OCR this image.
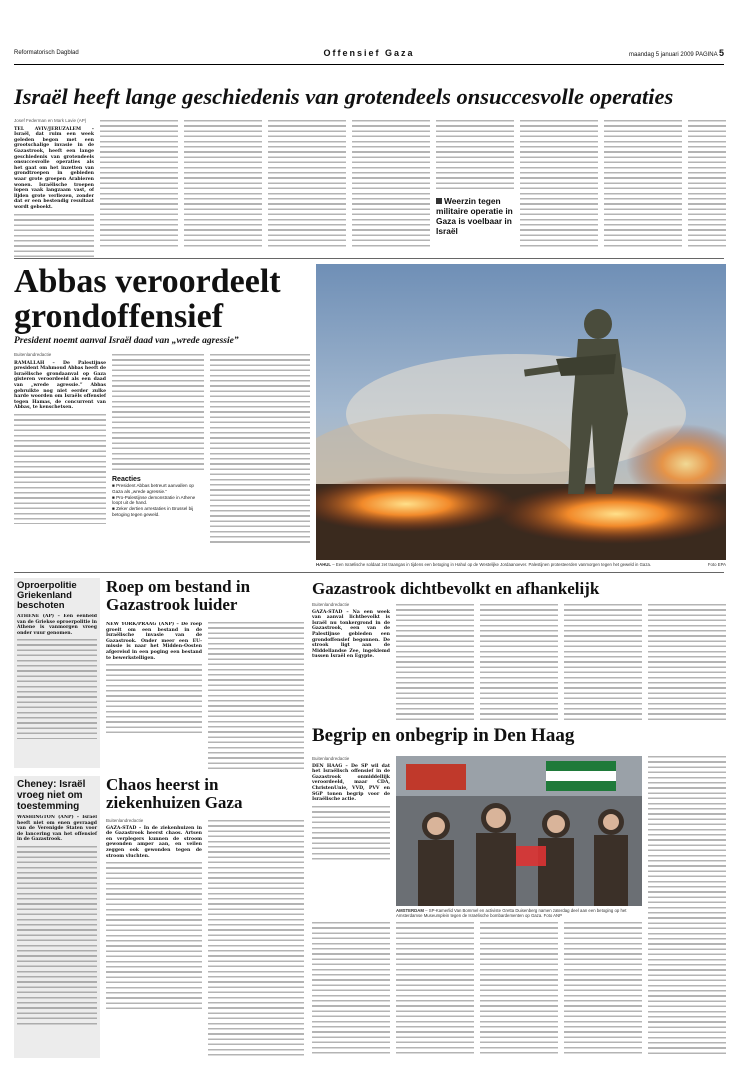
Reformatorisch Dagblad	Offensief Gaza	maandag 5 januari 2009 PAGINA 5
Israël heeft lange geschiedenis van grotendeels onsuccesvolle operaties
Josef Federman en Mark Lavie (AP)
TEL AVIV/JERUZALEM – Israël, dat ruim een week geleden begon met een grootschalige invasie in de Gazastrook, heeft een lange geschiedenis van grotendeels onsuccesvolle operaties als het gaat om het inzetten van grondtroepen in gebieden waar grote groepen Arabieren wonen. Israëlische troepen lopen vaak langzaam vast, of lijden grote verliezen, zonder dat er een bestendig resultaat wordt geboekt.
Weerzin tegen militaire operatie in Gaza is voelbaar in Israël
Abbas veroordeelt grondoffensief
President noemt aanval Israël daad van „wrede agressie”
Buitenlandredactie
RAMALLAH – De Palestijnse president Mahmoud Abbas heeft de Israëlische grondaanval op Gaza gisteren veroordeeld als een daad van „wrede agressie.” Abbas gebruikte nog niet eerder zulke harde woorden om Israëls offensief tegen Hamas, de concurrent van Abbas, te kenschetsen.
Reacties
■ President Abbas betreurt aanvallen op Gaza als „wrede agressie.”
■ Pro-Palestijnse demonstratie in Athene loopt uit de hand.
■ Zeker dertien arrestaties in Brussel bij betoging tegen geweld.
HAHUL – Een Israëlische soldaat zet traangas in tijdens een betoging in Hahul op de Westelijke Jordaanoever. Palestijnen protesteerden vanmorgen tegen het geweld in Gaza.	Foto EPA
Oproerpolitie Griekenland beschoten
ATHENE (AP) – Een eenheid van de Griekse oproerpolitie in Athene is vanmorgen vroeg onder vuur genomen.
Roep om bestand in Gazastrook luider
NEW YORK/PRAAG (ANP) – De roep groeit om een bestand in de Israëlische invasie van de Gazastrook. Onder meer een EU-missie is naar het Midden-Oosten afgereisd in een poging een bestand te bewerkstelligen.
Gazastrook dichtbevolkt en afhankelijk
Buitenlandredactie
GAZA-STAD – Na een week van aanval lichtbevolkt is Israël nu tonkergrond in de Gazastrook, een van de Palestijnse gebieden een grondoffensief begonnen. De strook ligt aan de Middellandse Zee, ingeklemd tussen Israël en Egypte.
Begrip en onbegrip in Den Haag
Buitenlandredactie
DEN HAAG – De SP wil dat het Israëlisch offensief in de Gazastrook onmiddellijk veroordeeld, maar CDA, ChristenUnie, VVD, PVV en SGP tonen begrip voor de Israëlische actie.
AMSTERDAM – SP-Kamerlid Van Bommel en activiste Gretta Duisenberg namen zaterdag deel aan een betoging op het Amsterdamse Museumplein tegen de Israëlische bombardementen op Gaza. Foto ANP
Cheney: Israël vroeg niet om toestemming
WASHINGTON (ANP) – Israël heeft niet om enen gevraagd van de Verenigde Staten voor de lancering van het offensief in de Gazastrook.
Chaos heerst in ziekenhuizen Gaza
Buitenlandredactie
GAZA-STAD – In de ziekenhuizen in de Gazastrook heerst chaos. Artsen en verplegers kunnen de stroom gewonden amper aan, en veilen zeggen ook gewonden tegen de stroom vluchten.
